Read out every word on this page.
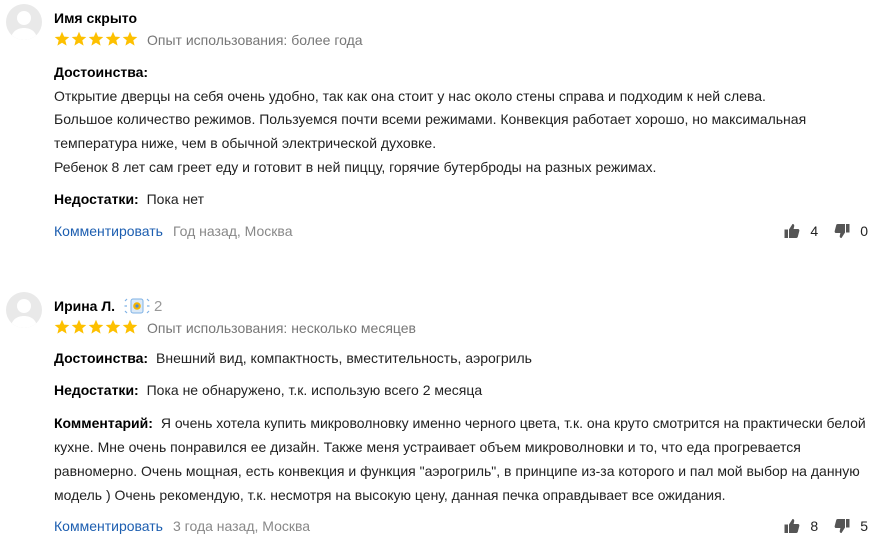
Имя скрыто
Опыт использования: более года
Достоинства:
Открытие дверцы на себя очень удобно, так как она стоит у нас около стены справа и подходим к ней слева.
Большое количество режимов. Пользуемся почти всеми режимами. Конвекция работает хорошо, но максимальная
температура ниже, чем в обычной электрической духовке.
Ребенок 8 лет сам греет еду и готовит в ней пиццу, горячие бутерброды на разных режимах.
Недостатки: Пока нет
Комментировать Год назад, Москва	4	0
Ирина Л.	2
Опыт использования: несколько месяцев
Достоинства: Внешний вид, компактность, вместительность, аэрогриль
Недостатки: Пока не обнаружено, т.к. использую всего 2 месяца
Комментарий: Я очень хотела купить микроволновку именно черного цвета, т.к. она круто смотрится на практически белой
кухне. Мне очень понравился ее дизайн. Также меня устраивает объем микроволновки и то, что еда прогревается
равномерно. Очень мощная, есть конвекция и функция "аэрогриль", в принципе из-за которого и пал мой выбор на данную
модель ) Очень рекомендую, т.к. несмотря на высокую цену, данная печка оправдывает все ожидания.
Комментировать 3 года назад, Москва	8	5
